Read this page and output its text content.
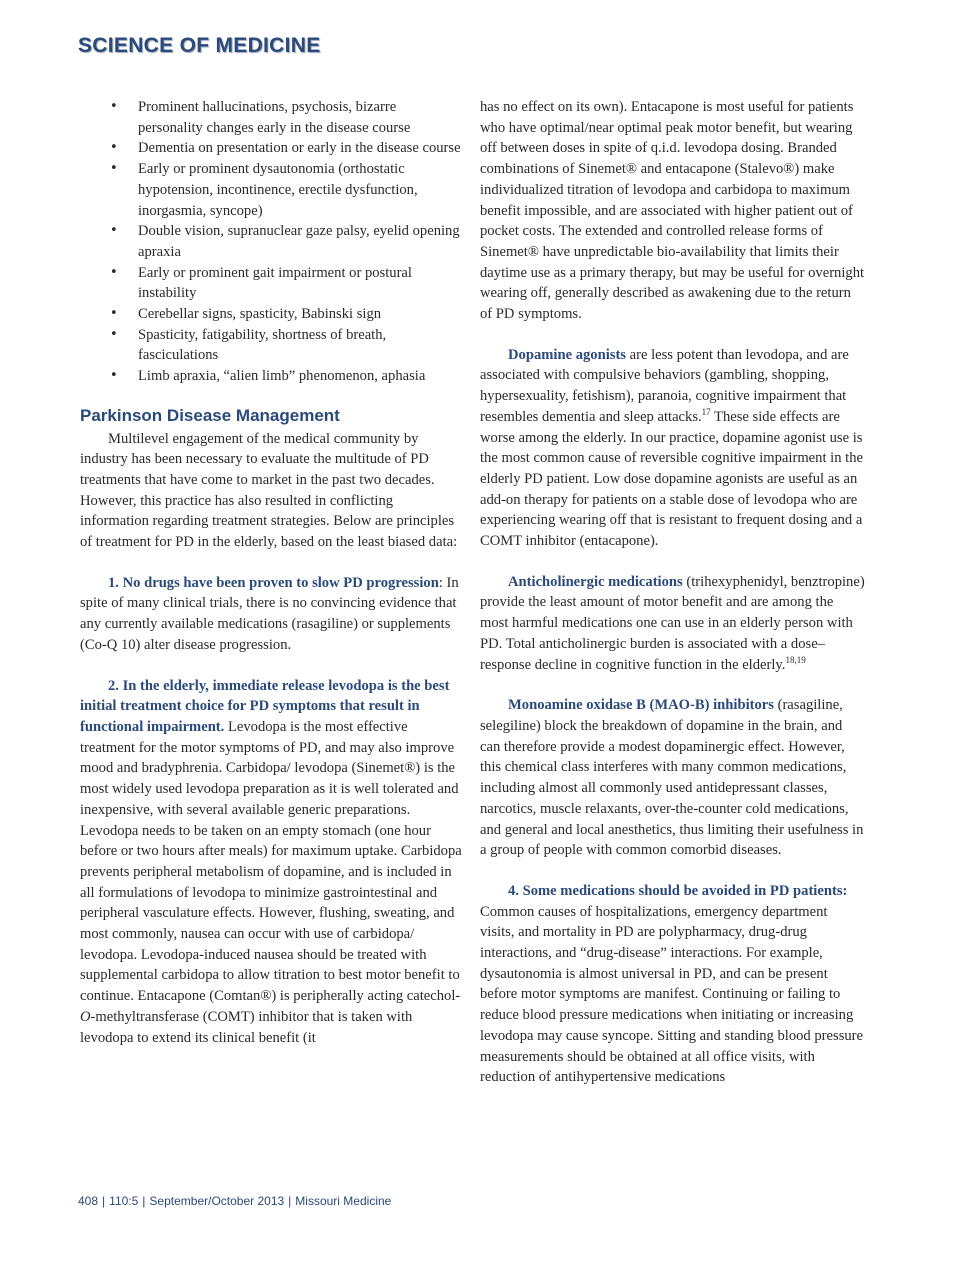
SCIENCE OF MEDICINE
• Prominent hallucinations, psychosis, bizarre personality changes early in the disease course
• Dementia on presentation or early in the disease course
• Early or prominent dysautonomia (orthostatic hypotension, incontinence, erectile dysfunction, inorgasmia, syncope)
• Double vision, supranuclear gaze palsy, eyelid opening apraxia
• Early or prominent gait impairment or postural instability
• Cerebellar signs, spasticity, Babinski sign
• Spasticity, fatigability, shortness of breath, fasciculations
• Limb apraxia, “alien limb” phenomenon, aphasia
Parkinson Disease Management

Multilevel engagement of the medical community by industry has been necessary to evaluate the multitude of PD treatments that have come to market in the past two decades. However, this practice has also resulted in conflicting information regarding treatment strategies. Below are principles of treatment for PD in the elderly, based on the least biased data:

1. No drugs have been proven to slow PD progression: In spite of many clinical trials, there is no convincing evidence that any currently available medications (rasagiline) or supplements (Co-Q 10) alter disease progression.

2. In the elderly, immediate release levodopa is the best initial treatment choice for PD symptoms that result in functional impairment. Levodopa is the most effective treatment for the motor symptoms of PD, and may also improve mood and bradyphrenia. Carbidopa/ levodopa (Sinemet®) is the most widely used levodopa preparation as it is well tolerated and inexpensive, with several available generic preparations. Levodopa needs to be taken on an empty stomach (one hour before or two hours after meals) for maximum uptake. Carbidopa prevents peripheral metabolism of dopamine, and is included in all formulations of levodopa to minimize gastrointestinal and peripheral vasculature effects. However, flushing, sweating, and most commonly, nausea can occur with use of carbidopa/ levodopa. Levodopa-induced nausea should be treated with supplemental carbidopa to allow titration to best motor benefit to continue. Entacapone (Comtan®) is peripherally acting catechol-O-methyltransferase (COMT) inhibitor that is taken with levodopa to extend its clinical benefit (it

has no effect on its own). Entacapone is most useful for patients who have optimal/near optimal peak motor benefit, but wearing off between doses in spite of q.i.d. levodopa dosing. Branded combinations of Sinemet® and entacapone (Stalevo®) make individualized titration of levodopa and carbidopa to maximum benefit impossible, and are associated with higher patient out of pocket costs. The extended and controlled release forms of Sinemet® have unpredictable bio-availability that limits their daytime use as a primary therapy, but may be useful for overnight wearing off, generally described as awakening due to the return of PD symptoms.

Dopamine agonists are less potent than levodopa, and are associated with compulsive behaviors (gambling, shopping, hypersexuality, fetishism), paranoia, cognitive impairment that resembles dementia and sleep attacks.$^{17}$ These side effects are worse among the elderly. In our practice, dopamine agonist use is the most common cause of reversible cognitive impairment in the elderly PD patient. Low dose dopamine agonists are useful as an add-on therapy for patients on a stable dose of levodopa who are experiencing wearing off that is resistant to frequent dosing and a COMT inhibitor (entacapone).

Anticholinergic medications (trihexyphenidyl, benztropine) provide the least amount of motor benefit and are among the most harmful medications one can use in an elderly person with PD. Total anticholinergic burden is associated with a dose–response decline in cognitive function in the elderly.$^{18,19}$

Monoamine oxidase B (MAO-B) inhibitors (rasagiline, selegiline) block the breakdown of dopamine in the brain, and can therefore provide a modest dopaminergic effect. However, this chemical class interferes with many common medications, including almost all commonly used antidepressant classes, narcotics, muscle relaxants, over-the-counter cold medications, and general and local anesthetics, thus limiting their usefulness in a group of people with common comorbid diseases.

4. Some medications should be avoided in PD patients: Common causes of hospitalizations, emergency department visits, and mortality in PD are polypharmacy, drug-drug interactions, and “drug-disease” interactions. For example, dysautonomia is almost universal in PD, and can be present before motor symptoms are manifest. Continuing or failing to reduce blood pressure medications when initiating or increasing levodopa may cause syncope. Sitting and standing blood pressure measurements should be obtained at all office visits, with reduction of antihypertensive medications

408 | 110:5 | September/October 2013 | Missouri Medicine
